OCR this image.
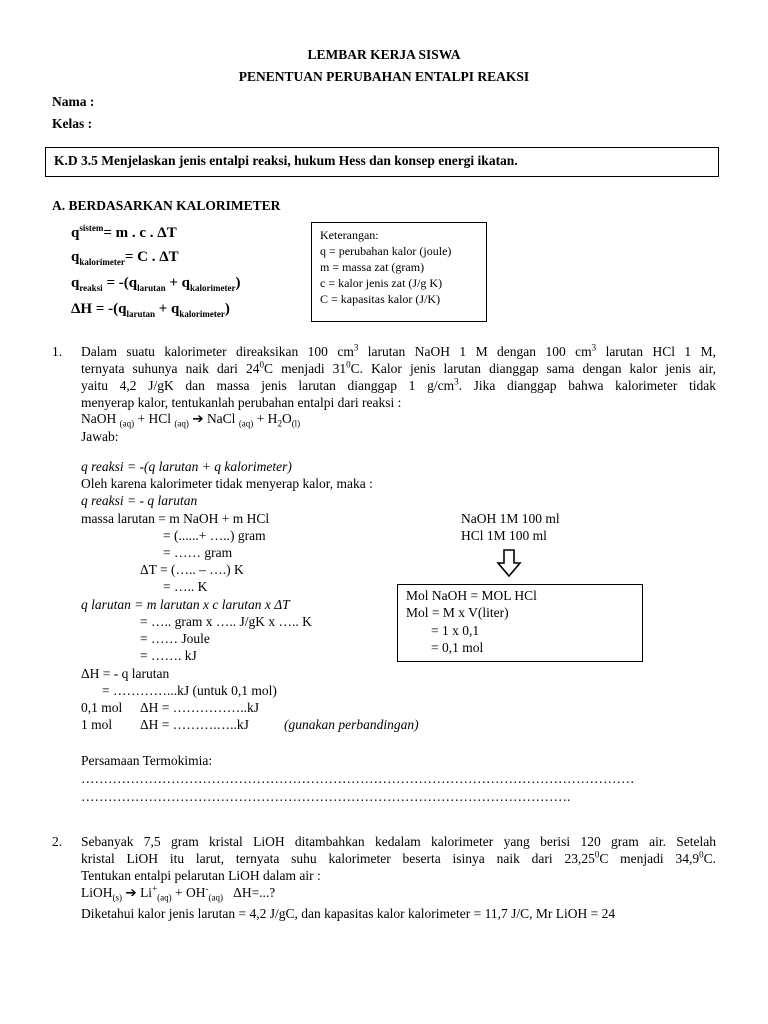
LEMBAR KERJA SISWA
PENENTUAN PERUBAHAN ENTALPI REAKSI
Nama :
Kelas :
K.D 3.5 Menjelaskan jenis entalpi reaksi, hukum Hess dan konsep energi ikatan.
A. BERDASARKAN KALORIMETER
$q^{sistem}= m$ . c . ΔT
$q_{kalorimeter}= C$ . ΔT
$q_{reaksi} = -(q_{larutan} + q_{kalorimeter})$
$\Delta H = -(q_{larutan} + q_{kalorimeter})$
Keterangan:
q = perubahan kalor (joule)
m = massa zat (gram)
c = kalor jenis zat (J/g K)
C = kapasitas kalor (J/K)
1. Dalam suatu kalorimeter direaksikan 100 $cm^3$ larutan NaOH 1 M dengan 100 $cm^3$ larutan HCl 1 M,
ternyata suhunya naik dari $24^0C$ menjadi $31^0C$. Kalor jenis larutan dianggap sama dengan kalor jenis air,
yaitu 4,2 J/gK dan massa jenis larutan dianggap 1 $g/cm^3$. Jika dianggap bahwa kalorimeter tidak
menyerap kalor, tentukanlah perubahan entalpi dari reaksi :
NaOH $_{(aq)}$ + HCl $_{(aq)}$ ➔ NaCl $_{(aq)} + H_2O_{(l)}$
Jawab:
q reaksi = -(q larutan + q kalorimeter)
Oleh karena kalorimeter tidak menyerap kalor, maka :
q reaksi = - q larutan
massa larutan = m NaOH + m HCl
= (......+ …..) gram
= …… gram
ΔT = (….. – ….) K
= ….. K
q larutan = m larutan x c larutan x ΔT
= ….. gram x ….. J/gK x ….. K
= …… Joule
= ……. kJ
ΔH = - q larutan
= …………...kJ (untuk 0,1 mol)
0,1 mol ΔH = ……………..kJ
1 mol ΔH = ……….…..kJ	(gunakan perbandingan)
NaOH 1M 100 ml
HCl 1M 100 ml
Mol NaOH = MOL HCl
Mol = M x V(liter)
= 1 x 0,1
= 0,1 mol
Persamaan Termokimia:
……………………………………………………………………………………………………………
……………………………………………………………………………………………….
2. Sebanyak 7,5 gram kristal LiOH ditambahkan kedalam kalorimeter yang berisi 120 gram air. Setelah
kristal LiOH itu larut, ternyata suhu kalorimeter beserta isinya naik dari 23,25$^0$C menjadi 34,9$^0$C.
Tentukan entalpi pelarutan LiOH dalam air :
LiOH$_{(s)}$ ➔ $Li^+_{(aq)} + OH^-_{(aq)}$   ΔH=...?
Diketahui kalor jenis larutan = 4,2 J/gC, dan kapasitas kalor kalorimeter = 11,7 J/C, Mr LiOH = 24
